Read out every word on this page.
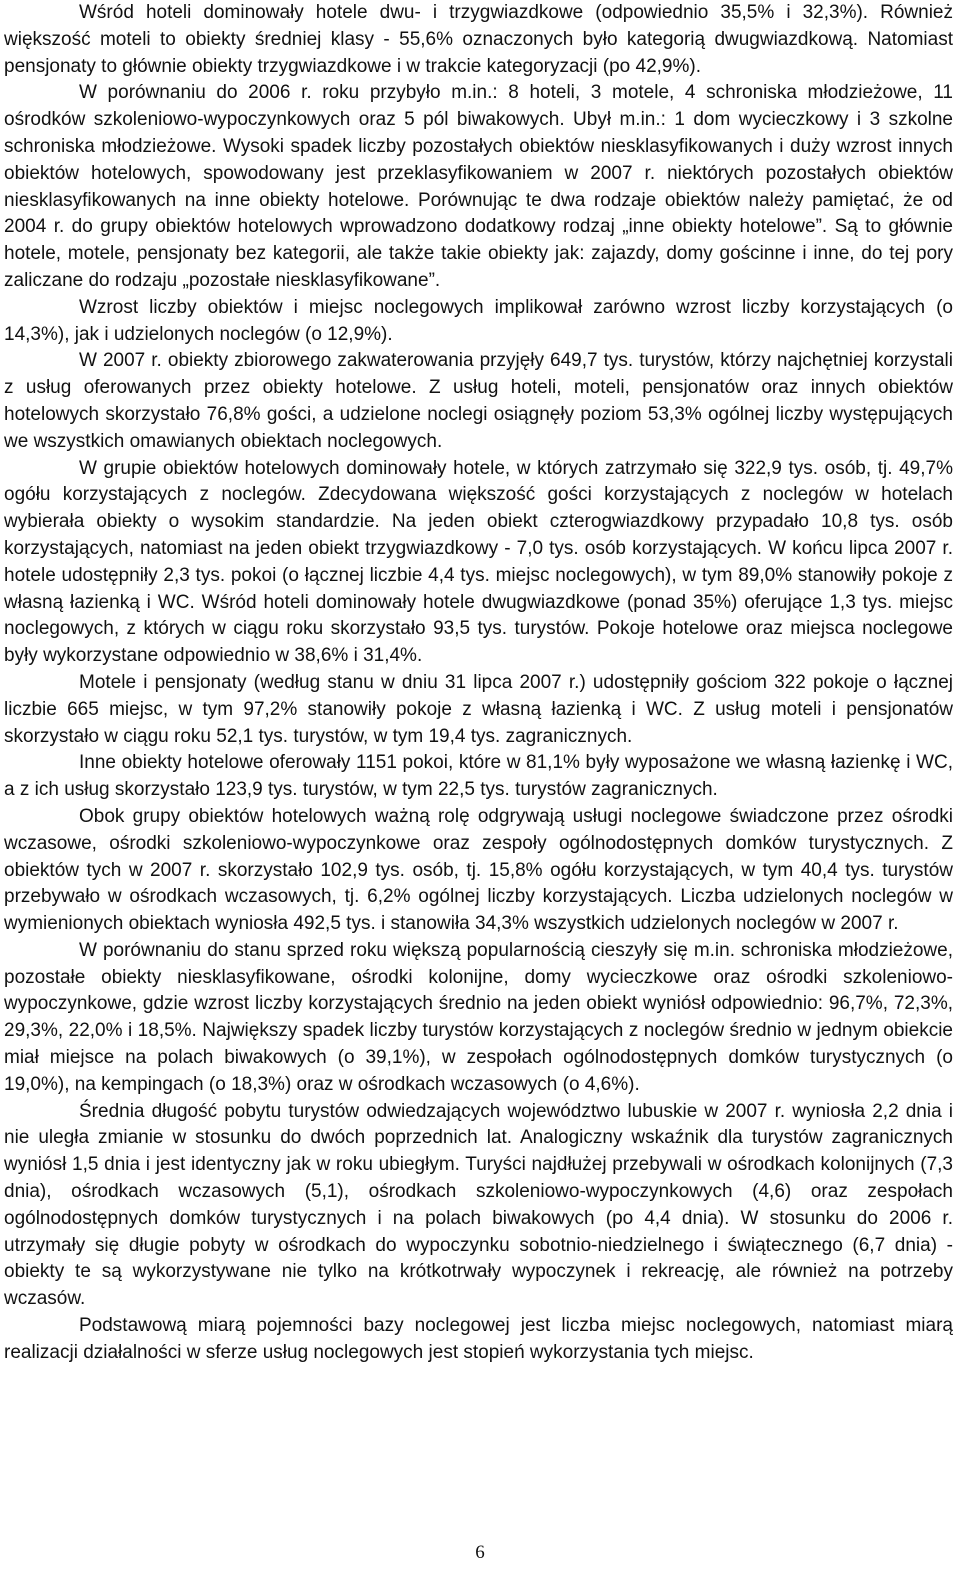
Wśród hoteli dominowały hotele dwu- i trzygwiazdkowe (odpowiednio 35,5% i 32,3%). Również większość moteli to obiekty średniej klasy - 55,6% oznaczonych było kategorią dwugwiazdkową. Natomiast pensjonaty to głównie obiekty trzygwiazdkowe i w trakcie kategoryzacji (po 42,9%).

W porównaniu do 2006 r. roku przybyło m.in.: 8 hoteli, 3 motele, 4 schroniska młodzieżowe, 11 ośrodków szkoleniowo-wypoczynkowych oraz 5 pól biwakowych. Ubył m.in.: 1 dom wycieczkowy i 3 szkolne schroniska młodzieżowe. Wysoki spadek liczby pozostałych obiektów niesklasyfikowanych i duży wzrost innych obiektów hotelowych, spowodowany jest przeklasyfikowaniem w 2007 r. niektórych pozostałych obiektów niesklasyfikowanych na inne obiekty hotelowe. Porównując te dwa rodzaje obiektów należy pamiętać, że od 2004 r. do grupy obiektów hotelowych wprowadzono dodatkowy rodzaj „inne obiekty hotelowe”. Są to głównie hotele, motele, pensjonaty bez kategorii, ale także takie obiekty jak: zajazdy, domy gościnne i inne, do tej pory zaliczane do rodzaju „pozostałe niesklasyfikowane”.

Wzrost liczby obiektów i miejsc noclegowych implikował zarówno wzrost liczby korzystających (o 14,3%), jak i udzielonych noclegów (o 12,9%).

W 2007 r. obiekty zbiorowego zakwaterowania przyjęły 649,7 tys. turystów, którzy najchętniej korzystali z usług oferowanych przez obiekty hotelowe. Z usług hoteli, moteli, pensjonatów oraz innych obiektów hotelowych skorzystało 76,8% gości, a udzielone noclegi osiągnęły poziom 53,3% ogólnej liczby występujących we wszystkich omawianych obiektach noclegowych.

W grupie obiektów hotelowych dominowały hotele, w których zatrzymało się 322,9 tys. osób, tj. 49,7% ogółu korzystających z noclegów. Zdecydowana większość gości korzystających z noclegów w hotelach wybierała obiekty o wysokim standardzie. Na jeden obiekt czterogwiazdkowy przypadało 10,8 tys. osób korzystających, natomiast na jeden obiekt trzygwiazdkowy - 7,0 tys. osób korzystających. W końcu lipca 2007 r. hotele udostępniły 2,3 tys. pokoi (o łącznej liczbie 4,4 tys. miejsc noclegowych), w tym 89,0% stanowiły pokoje z własną łazienką i WC. Wśród hoteli dominowały hotele dwugwiazdkowe (ponad 35%) oferujące 1,3 tys. miejsc noclegowych, z których w ciągu roku skorzystało 93,5 tys. turystów. Pokoje hotelowe oraz miejsca noclegowe były wykorzystane odpowiednio w 38,6% i 31,4%.

Motele i pensjonaty (według stanu w dniu 31 lipca 2007 r.) udostępniły gościom 322 pokoje o łącznej liczbie 665 miejsc, w tym 97,2% stanowiły pokoje z własną łazienką i WC. Z usług moteli i pensjonatów skorzystało w ciągu roku 52,1 tys. turystów, w tym 19,4 tys. zagranicznych.

Inne obiekty hotelowe oferowały 1151 pokoi, które w 81,1% były wyposażone we własną łazienkę i WC, a z ich usług skorzystało 123,9 tys. turystów, w tym 22,5 tys. turystów zagranicznych.

Obok grupy obiektów hotelowych ważną rolę odgrywają usługi noclegowe świadczone przez ośrodki wczasowe, ośrodki szkoleniowo-wypoczynkowe oraz zespoły ogólnodostępnych domków turystycznych. Z obiektów tych w 2007 r. skorzystało 102,9 tys. osób, tj. 15,8% ogółu korzystających, w tym 40,4 tys. turystów przebywało w ośrodkach wczasowych, tj. 6,2% ogólnej liczby korzystających. Liczba udzielonych noclegów w wymienionych obiektach wyniosła 492,5 tys. i stanowiła 34,3% wszystkich udzielonych noclegów w 2007 r.

W porównaniu do stanu sprzed roku większą popularnością cieszyły się m.in. schroniska młodzieżowe, pozostałe obiekty niesklasyfikowane, ośrodki kolonijne, domy wycieczkowe oraz ośrodki szkoleniowo-wypoczynkowe, gdzie wzrost liczby korzystających średnio na jeden obiekt wyniósł odpowiednio: 96,7%, 72,3%, 29,3%, 22,0% i 18,5%. Największy spadek liczby turystów korzystających z noclegów średnio w jednym obiekcie miał miejsce na polach biwakowych (o 39,1%), w zespołach ogólnodostępnych domków turystycznych (o 19,0%), na kempingach (o 18,3%) oraz w ośrodkach wczasowych (o 4,6%).

Średnia długość pobytu turystów odwiedzających województwo lubuskie w 2007 r. wyniosła 2,2 dnia i nie uległa zmianie w stosunku do dwóch poprzednich lat. Analogiczny wskaźnik dla turystów zagranicznych wyniósł 1,5 dnia i jest identyczny jak w roku ubiegłym. Turyści najdłużej przebywali w ośrodkach kolonijnych (7,3 dnia), ośrodkach wczasowych (5,1), ośrodkach szkoleniowo-wypoczynkowych (4,6) oraz zespołach ogólnodostępnych domków turystycznych i na polach biwakowych (po 4,4 dnia). W stosunku do 2006 r. utrzymały się długie pobyty w ośrodkach do wypoczynku sobotnio-niedzielnego i świątecznego (6,7 dnia) - obiekty te są wykorzystywane nie tylko na krótkotrwały wypoczynek i rekreację, ale również na potrzeby wczasów.

Podstawową miarą pojemności bazy noclegowej jest liczba miejsc noclegowych, natomiast miarą realizacji działalności w sferze usług noclegowych jest stopień wykorzystania tych miejsc.

6
